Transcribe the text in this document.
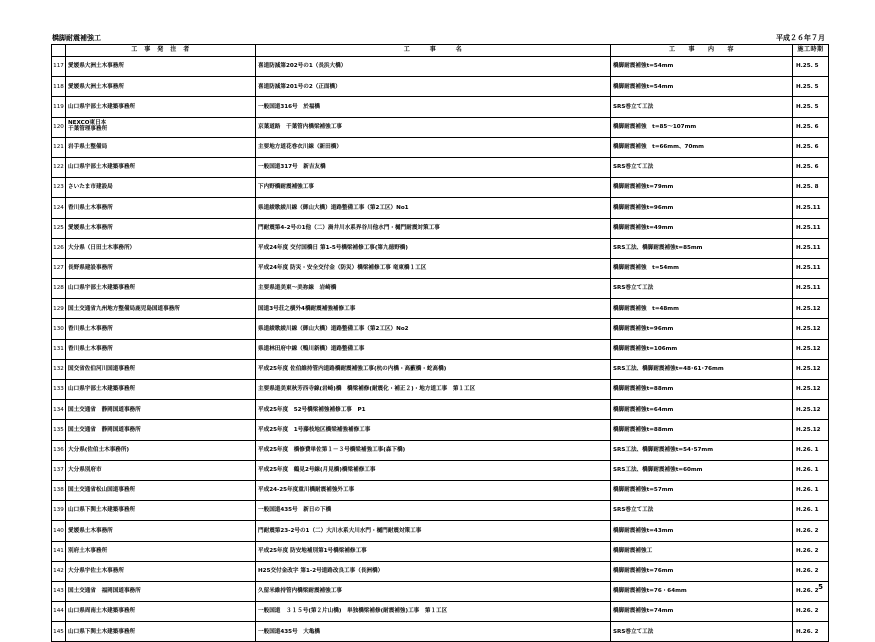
橋脚耐震補強工	平成２６年７月
	工　事　発　注　者	工　　　事　　　名	工　　事　　内　　容	施工時期
117	愛媛県大洲土木事務所	喜道防減第202号の1（長浜大橋）	橋脚耐震補強t=54mm	H.25. 5
118	愛媛県大洲土木事務所	喜道防減第201号の2（正面橋）	橋脚耐震補強t=54mm	H.25. 5
119	山口県宇部土木建築事務所	一般国道316号　於福橋	SRS巻立て工法	H.25. 5
120	NEXCO東日本
千葉管理事務所	京葉道路　千葉管内橋梁補強工事	橋脚耐震補強　t=85～107mm	H.25. 6
121	岩手県土整備局	主要地方道花巻衣川線（新田橋）	橋脚耐震補強　t=66mm、70mm	H.25. 6
122	山口県宇部土木建築事務所	一般国道317号　新吉友橋	SRS巻立て工法	H.25. 6
123	さいたま市建設局	下内野橋耐震補強工事	橋脚耐震補強t=79mm	H.25. 8
124	香川県土木事務所	県道綾歌綾川線（御山大橋）道路整備工事（第2工区）No1	橋脚耐震補強t=96mm	H.25.11
125	愛媛県土木事務所	門耐震第4-2号の1他（二）渦井川水系界谷川他水門・樋門耐震対策工事	橋脚耐震補強t=49mm	H.25.11
126	大分県（日田土木事務所）	平成24年度 交付国橋日 第1-5号橋梁補修工事(第九徳野橋)	SRS工法、橋脚耐震補強t=85mm	H.25.11
127	長野県建設事務所	平成24年度 防災・安全交付金（防災）橋梁補修工事 竜東橋１工区	橋脚耐震補強　t=54mm	H.25.11
128	山口県宇部土木建築事務所	主要県道美東～美祢線　岩崎橋	SRS巻立て工法	H.25.11
129	国土交通省九州地方整備局鹿児島国道事務所	国道3号荘之横外4橋耐震補強補修工事	橋脚耐震補強　t=48mm	H.25.12
130	香川県土木事務所	県道綾歌綾川線（御山大橋）道路整備工事（第2工区）No2	橋脚耐震補強t=96mm	H.25.12
131	香川県土木事務所	県道林田府中線（鴨川新橋）道路整備工事	橋脚耐震補強t=106mm	H.25.12
132	国交省佐伯河川国道事務所	平成25年度 佐伯維持管内道路橋耐震補強工事(杭の内橋・高藪橋・蛇髙橋)	SRS工法、橋脚耐震補強t=48･61･76mm	H.25.12
133	山口県宇部土木建築事務所	主要県道美東秋芳西寺線(岩崎)橋　橋梁補修(耐震化・補正２)・地方道工事　第１工区	橋脚耐震補強t=88mm	H.25.12
134	国土交通省　静岡国道事務所	平成25年度　52号橋梁補強補修工事　P1	橋脚耐震補強t=64mm	H.25.12
135	国土交通省　静岡国道事務所	平成25年度　1号藤枝地区橋梁補強補修工事	橋脚耐震補強t=88mm	H.25.12
136	大分県(佐伯土木事務所)	平成25年度　橋修費単佐第１－３号橋梁補強工事(森下橋)	SRS工法、橋脚耐震補強t=54･57mm	H.26. 1
137	大分県別府市	平成25年度　鶴見2号線(月見橋)橋梁補修工事	SRS工法、橋脚耐震補強t=60mm	H.26. 1
138	国土交通省松山国道事務所	平成24-25年度重川橋耐震補強外工事	橋脚耐震補強t=57mm	H.26. 1
139	山口県下関土木建築事務所	一般国道435号　新日の下橋	SRS巻立て工法	H.26. 1
140	愛媛県土木事務所	門耐震第23-2号の1（二）大川水系大川水門・樋門耐震対策工事	橋脚耐震補強t=43mm	H.26. 2
141	別府土木事務所	平成25年度 防安地補別第1号橋梁補修工事	橋脚耐震補強工	H.26. 2
142	大分県宇佐土木事務所	H25交付金改字 第1-2号道路改良工事（長洲橋）	橋脚耐震補強t=76mm	H.26. 2
143	国土交通省　福岡国道事務所	久留米維持管内橋梁耐震補強工事	橋脚耐震補強t=76・64mm	H.26. 2
144	山口県周南土木建築事務所	一般国道　３１５号(第２片山橋)　単独橋梁補修(耐震補強)工事　第１工区	橋脚耐震補強t=74mm	H.26. 2
145	山口県下関土木建築事務所	一般国道435号　大亀橋	SRS巻立て工法	H.26. 2
5
